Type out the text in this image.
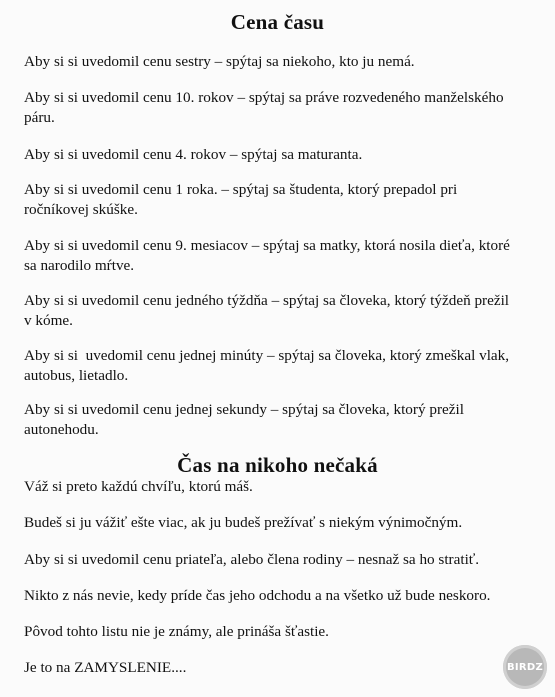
Cena času
Aby si si uvedomil cenu sestry – spýtaj sa niekoho, kto ju nemá.
Aby si si uvedomil cenu 10. rokov – spýtaj sa práve rozvedeného manželského
páru.
Aby si si uvedomil cenu 4. rokov – spýtaj sa maturanta.
Aby si si uvedomil cenu 1 roka. – spýtaj sa študenta, ktorý prepadol pri
ročníkovej skúške.
Aby si si uvedomil cenu 9. mesiacov – spýtaj sa matky, ktorá nosila dieťa, ktoré
sa narodilo mŕtve.
Aby si si uvedomil cenu jedného týždňa – spýtaj sa človeka, ktorý týždeň prežil
v kóme.
Aby si si  uvedomil cenu jednej minúty – spýtaj sa človeka, ktorý zmeškal vlak,
autobus, lietadlo.
Aby si si uvedomil cenu jednej sekundy – spýtaj sa človeka, ktorý prežil
autonehodu.
Čas na nikoho nečaká
Váž si preto každú chvíľu, ktorú máš.
Budeš si ju vážiť ešte viac, ak ju budeš prežívať s niekým výnimočným.
Aby si si uvedomil cenu priateľa, alebo člena rodiny – nesnaž sa ho stratiť.
Nikto z nás nevie, kedy príde čas jeho odchodu a na všetko už bude neskoro.
Pôvod tohto listu nie je známy, ale prináša šťastie.
Je to na ZAMYSLENIE....	BIRDZ
